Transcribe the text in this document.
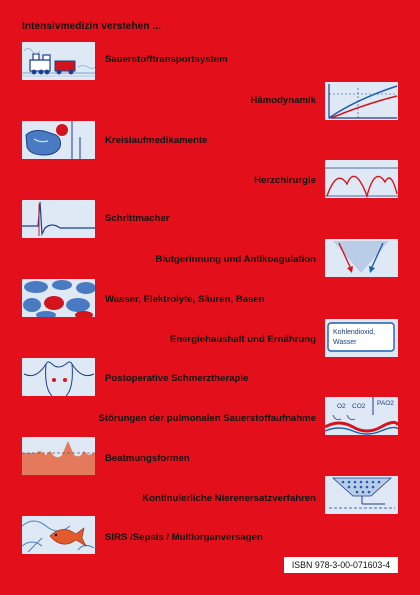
Intensivmedizin verstehen ...
Sauerstofftransportsystem
Hämodynamik
Kreislaufmedikamente
Herzchirurgie
Schrittmacher
Blutgerinnung und Antikoagulation
Wasser, Elektrolyte, Säuren, Basen
Energiehaushalt und Ernährung
Kohlendioxid,
Wasser
Postoperative Schmerztherapie
Störungen der pulmonalen Sauerstoffaufnahme
O2 CO2 PAO2
Beatmungsformen
Kontinuierliche Nierenersatzverfahren
SIRS /Sepsis / Multiorganversagen
ISBN 978-3-00-071603-4
